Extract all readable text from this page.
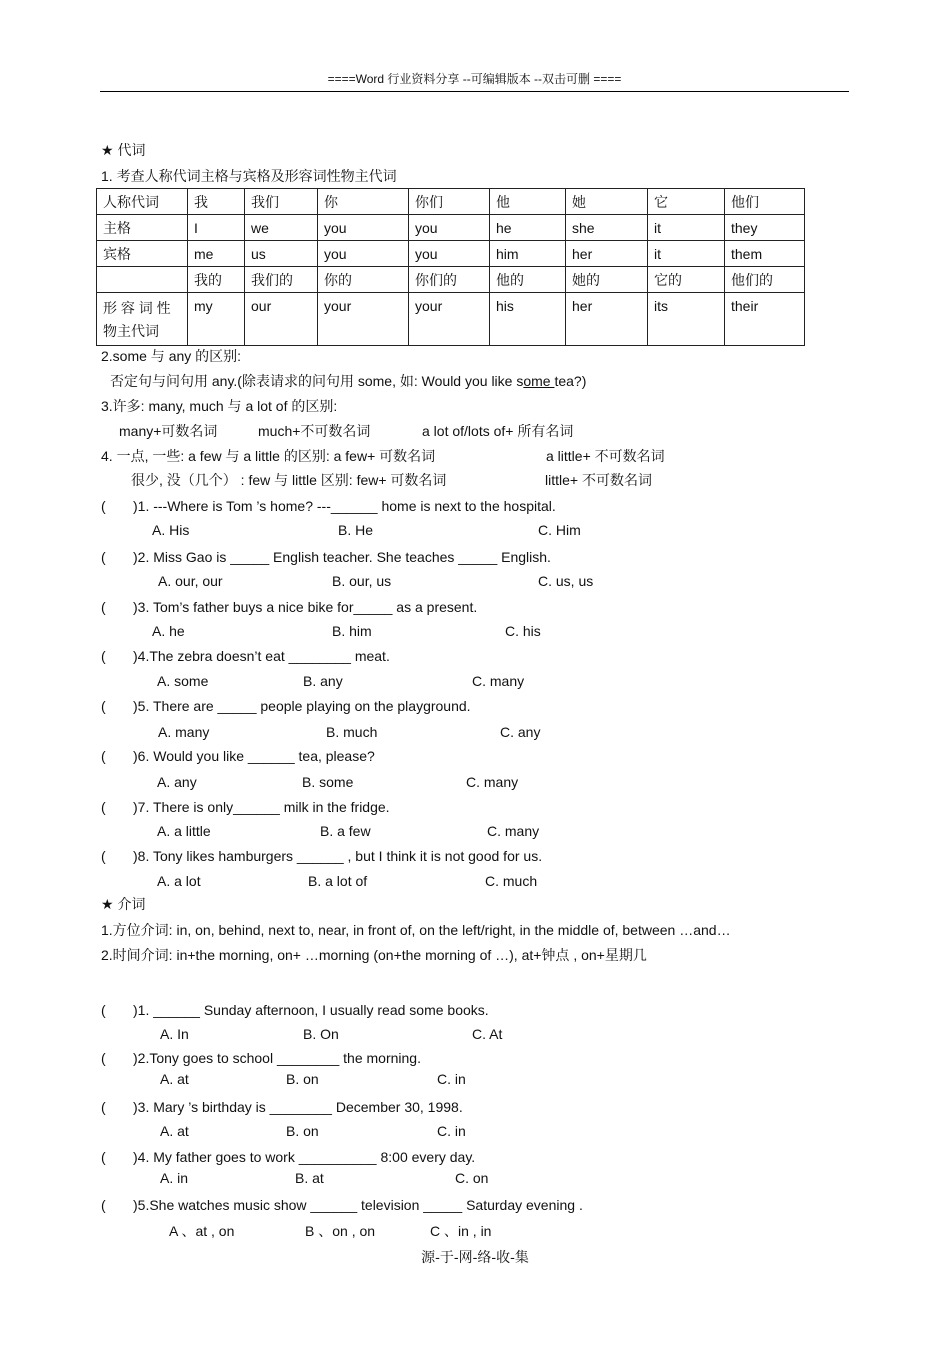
====Word 行业资料分享 --可编辑版本 --双击可删 ====
★ 代词
1. 考查人称代词主格与宾格及形容词性物主代词
人称代词	我	我们	你	你们	他	她	它	他们
主格	I	we	you	you	he	she	it	they
宾格	me	us	you	you	him	her	it	them
	我的	我们的	你的	你们的	他的	她的	它的	他们的
形 容 词 性 物主代词	my	our	your	your	his	her	its	their
2.some 与 any 的区别:
否定句与问句用 any.(除表请求的问句用 some, 如: Would you like some tea?)
3.许多: many, much 与 a lot of 的区别:
many+可数名词	much+不可数名词	a lot of/lots of+ 所有名词
4. 一点, 一些: a few 与 a little 的区别: a few+ 可数名词	a little+ 不可数名词
很少, 没（几个） : few 与 little 区别: few+ 可数名词	little+ 不可数名词
( )1. ---Where is Tom ’s home? ---______ home is next to the hospital.
A. His	B. He	C. Him
( )2. Miss Gao is _____ English teacher. She teaches _____ English.
A. our, our	B. our, us	C. us, us
( )3. Tom’s father buys a nice bike for_____ as a present.
A. he	B. him	C. his
( )4.The zebra doesn’t eat ________ meat.
A. some	B. any	C. many
( )5. There are _____ people playing on the playground.
A. many	B. much	C. any
( )6. Would you like ______ tea, please?
A. any	B. some	C. many
( )7. There is only______ milk in the fridge.
A. a little	B. a few	C. many
( )8. Tony likes hamburgers ______ , but I think it is not good for us.
A. a lot	B. a lot of	C. much
★ 介词
1.方位介词: in, on, behind, next to, near, in front of, on the left/right, in the middle of, between …and…
2.时间介词: in+the morning, on+ …morning (on+the morning of …), at+钟点 , on+星期几
( )1. ______ Sunday afternoon, I usually read some books.
A. In	B. On	C. At
( )2.Tony goes to school ________ the morning.
A. at	B. on	C. in
( )3. Mary ’s birthday is ________ December 30, 1998.
A. at	B. on	C. in
( )4. My father goes to work __________ 8:00 every day.
A. in	B. at	C. on
( )5.She watches music show ______ television _____ Saturday evening .
A 、at , on	B 、on , on	C 、in , in
源-于-网-络-收-集
